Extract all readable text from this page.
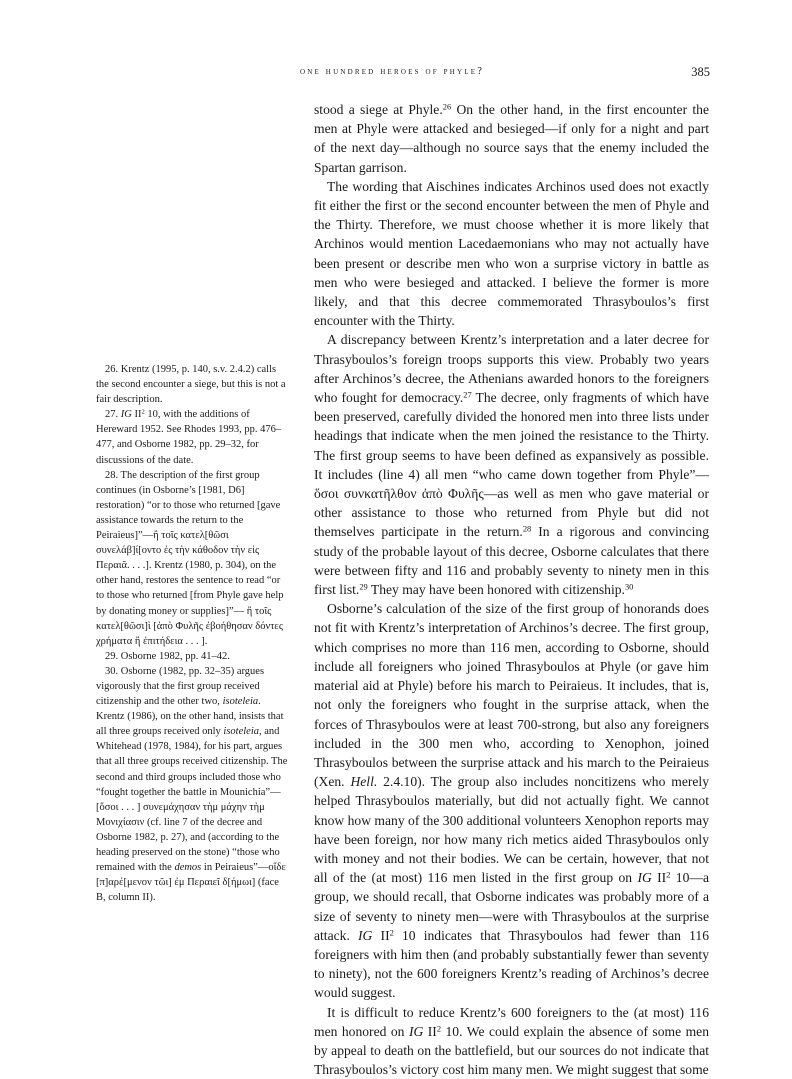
one hundred heroes of phyle?	385

stood a siege at Phyle.$^{26}$ On the other hand, in the first encounter the men at Phyle were attacked and besieged—if only for a night and part of the next day—although no source says that the enemy included the Spartan garrison.

The wording that Aischines indicates Archinos used does not exactly fit either the first or the second encounter between the men of Phyle and the Thirty. Therefore, we must choose whether it is more likely that Archinos would mention Lacedaemonians who may not actually have been present or describe men who won a surprise victory in battle as men who were besieged and attacked. I believe the former is more likely, and that this decree commemorated Thrasyboulos’s first encounter with the Thirty.

A discrepancy between Krentz’s interpretation and a later decree for Thrasyboulos’s foreign troops supports this view. Probably two years after Archinos’s decree, the Athenians awarded honors to the foreigners who fought for democracy.$^{27}$ The decree, only fragments of which have been preserved, carefully divided the honored men into three lists under headings that indicate when the men joined the resistance to the Thirty. The first group seems to have been defined as expansively as possible. It includes (line 4) all men “who came down together from Phyle”—ὅσοι συνκατῆλθον ἀπὸ Φυλῆς—as well as men who gave material or other assistance to those who returned from Phyle but did not themselves participate in the return.$^{28}$ In a rigorous and convincing study of the probable layout of this decree, Osborne calculates that there were between fifty and 116 and probably seventy to ninety men in this first list.$^{29}$ They may have been honored with citizenship.$^{30}$

Osborne’s calculation of the size of the first group of honorands does not fit with Krentz’s interpretation of Archinos’s decree. The first group, which comprises no more than 116 men, according to Osborne, should include all foreigners who joined Thrasyboulos at Phyle (or gave him material aid at Phyle) before his march to Peiraieus. It includes, that is, not only the foreigners who fought in the surprise attack, when the forces of Thrasyboulos were at least 700-strong, but also any foreigners included in the 300 men who, according to Xenophon, joined Thrasyboulos between the surprise attack and his march to the Peiraieus (Xen. Hell. 2.4.10). The group also includes noncitizens who merely helped Thrasyboulos materially, but did not actually fight. We cannot know how many of the 300 additional volunteers Xenophon reports may have been foreign, nor how many rich metics aided Thrasyboulos only with money and not their bodies. We can be certain, however, that not all of the (at most) 116 men listed in the first group on IG $II^2$ 10—a group, we should recall, that Osborne indicates was probably more of a size of seventy to ninety men—were with Thrasyboulos at the surprise attack. IG $II^2$ 10 indicates that Thrasyboulos had fewer than 116 foreigners with him then (and probably substantially fewer than seventy to ninety), not the 600 foreigners Krentz’s reading of Archinos’s decree would suggest.

It is difficult to reduce Krentz’s 600 foreigners to the (at most) 116 men honored on IG $II^2$ 10. We could explain the absence of some men by appeal to death on the battlefield, but our sources do not indicate that Thrasyboulos’s victory cost him many men. We might suggest that some

26. Krentz (1995, p. 140, s.v. 2.4.2) calls the second encounter a siege, but this is not a fair description.

27. IG $II^2$ 10, with the additions of Hereward 1952. See Rhodes 1993, pp. 476–477, and Osborne 1982, pp. 29–32, for discussions of the date.

28. The description of the first group continues (in Osborne’s [1981, D6] restoration) “or to those who returned [gave assistance towards the return to the Peiraieus]”—ἢ τοῖς κατελ[θῶσι συνελάβ]ί[οντο ἐς τὴν κάθοδον τὴν εἰς Περαιᾶ. . . .]. Krentz (1980, p. 304), on the other hand, restores the sentence to read “or to those who returned [from Phyle gave help by donating money or supplies]”— ἢ τοῖς κατελ[θῶσι]ὶ [ἀπὸ Φυλῆς ἐβοήθησαν δόντες χρήματα ἢ ἐπιτήδεια . . . ].

29. Osborne 1982, pp. 41–42.

30. Osborne (1982, pp. 32–35) argues vigorously that the first group received citizenship and the other two, isoteleia. Krentz (1986), on the other hand, insists that all three groups received only isoteleia, and Whitehead (1978, 1984), for his part, argues that all three groups received citizenship. The second and third groups included those who “fought together the battle in Mounichia”—[ὅσοι . . . ] συνεμάχησαν τὴμ μάχην τὴμ Μονιχίασιν (cf. line 7 of the decree and Osborne 1982, p. 27), and (according to the heading preserved on the stone) “those who remained with the demos in Peiraieus”—οἵδε [π]αρέ[μενον τῶι] ἐμ Περαιεῖ δ[ήμωι] (face B, column II).
